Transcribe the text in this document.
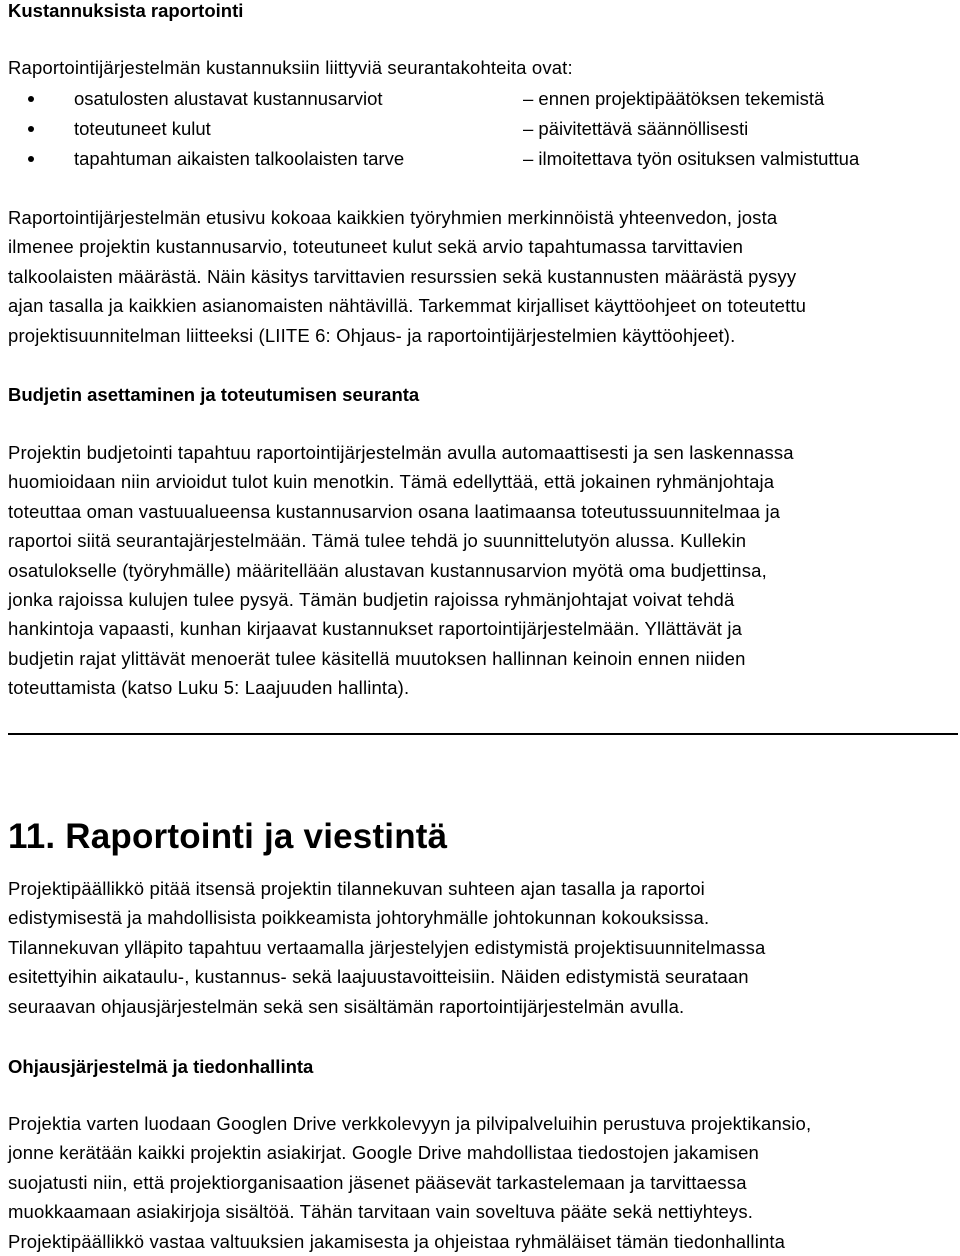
Kustannuksista raportointi

Raportointijärjestelmän kustannuksiin liittyviä seurantakohteita ovat:

osatulosten alustavat kustannusarviot	– ennen projektipäätöksen tekemistä
toteutuneet kulut	– päivitettävä säännöllisesti
tapahtuman aikaisten talkoolaisten tarve	– ilmoitettava työn osituksen valmistuttua

Raportointijärjestelmän etusivu kokoaa kaikkien työryhmien merkinnöistä yhteenvedon, josta
ilmenee projektin kustannusarvio, toteutuneet kulut sekä arvio tapahtumassa tarvittavien
talkoolaisten määrästä. Näin käsitys tarvittavien resurssien sekä kustannusten määrästä pysyy
ajan tasalla ja kaikkien asianomaisten nähtävillä. Tarkemmat kirjalliset käyttöohjeet on toteutettu
projektisuunnitelman liitteeksi (LIITE 6: Ohjaus- ja raportointijärjestelmien käyttöohjeet).

Budjetin asettaminen ja toteutumisen seuranta

Projektin budjetointi tapahtuu raportointijärjestelmän avulla automaattisesti ja sen laskennassa
huomioidaan niin arvioidut tulot kuin menotkin. Tämä edellyttää, että jokainen ryhmänjohtaja
toteuttaa oman vastuualueensa kustannusarvion osana laatimaansa toteutussuunnitelmaa ja
raportoi siitä seurantajärjestelmään. Tämä tulee tehdä jo suunnittelutyön alussa. Kullekin
osatulokselle (työryhmälle) määritellään alustavan kustannusarvion myötä oma budjettinsa,
jonka rajoissa kulujen tulee pysyä. Tämän budjetin rajoissa ryhmänjohtajat voivat tehdä
hankintoja vapaasti, kunhan kirjaavat kustannukset raportointijärjestelmään. Yllättävät ja
budjetin rajat ylittävät menoerät tulee käsitellä muutoksen hallinnan keinoin ennen niiden
toteuttamista (katso Luku 5: Laajuuden hallinta).

11. Raportointi ja viestintä

Projektipäällikkö pitää itsensä projektin tilannekuvan suhteen ajan tasalla ja raportoi
edistymisestä ja mahdollisista poikkeamista johtoryhmälle johtokunnan kokouksissa.
Tilannekuvan ylläpito tapahtuu vertaamalla järjestelyjen edistymistä projektisuunnitelmassa
esitettyihin aikataulu-, kustannus- sekä laajuustavoitteisiin. Näiden edistymistä seurataan
seuraavan ohjausjärjestelmän sekä sen sisältämän raportointijärjestelmän avulla.

Ohjausjärjestelmä ja tiedonhallinta

Projektia varten luodaan Googlen Drive verkkolevyyn ja pilvipalveluihin perustuva projektikansio,
jonne kerätään kaikki projektin asiakirjat. Google Drive mahdollistaa tiedostojen jakamisen
suojatusti niin, että projektiorganisaation jäsenet pääsevät tarkastelemaan ja tarvittaessa
muokkaamaan asiakirjoja sisältöä. Tähän tarvitaan vain soveltuva pääte sekä nettiyhteys.
Projektipäällikkö vastaa valtuuksien jakamisesta ja ohjeistaa ryhmäläiset tämän tiedonhallinta
